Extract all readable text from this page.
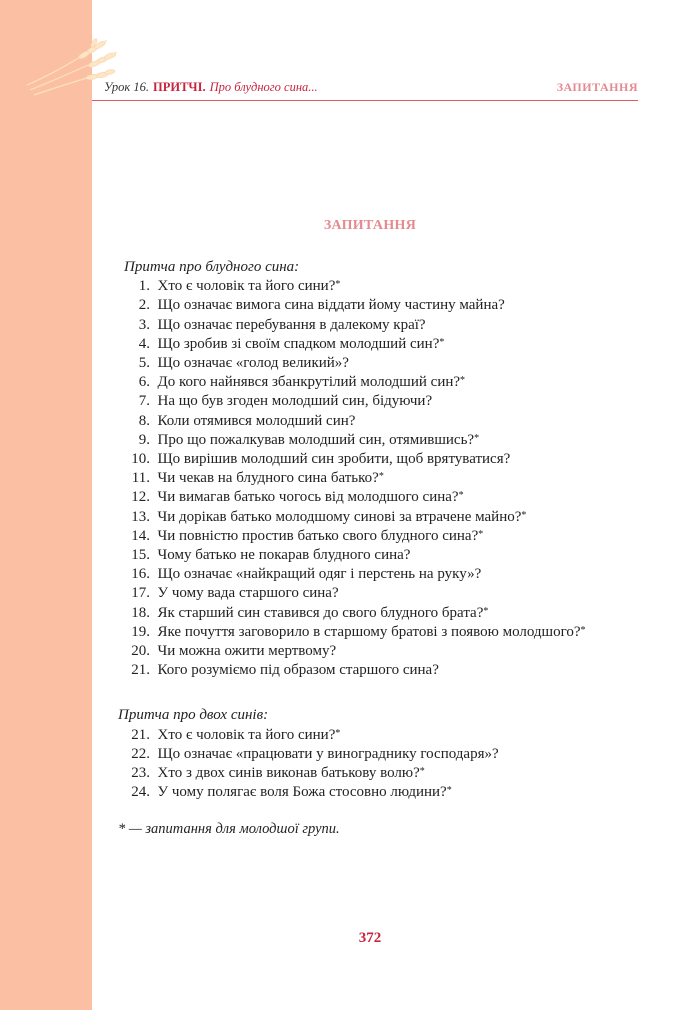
Урок 16. ПРИТЧІ. Про блудного сина...	ЗАПИТАННЯ
ЗАПИТАННЯ
Притча про блудного сина:
1.
Хто є чоловік та його сини?*
2.
Що означає вимога сина віддати йому частину майна?
3.
Що означає перебування в далекому краї?
4.
Що зробив зі своїм спадком молодший син?*
5.
Що означає «голод великий»?
6.
До кого найнявся збанкрутілий молодший син?*
7.
На що був згоден молодший син, бідуючи?
8.
Коли отямився молодший син?
9.
Про що пожалкував молодший син, отямившись?*
10.
Що вирішив молодший син зробити, щоб врятуватися?
11.
Чи чекав на блудного сина батько?*
12.
Чи вимагав батько чогось від молодшого сина?*
13.
Чи дорікав батько молодшому синові за втрачене майно?*
14.
Чи повністю простив батько свого блудного сина?*
15.
Чому батько не покарав блудного сина?
16.
Що означає «найкращий одяг і перстень на руку»?
17.
У чому вада старшого сина?
18.
Як старший син ставився до свого блудного брата?*
19.
Яке почуття заговорило в старшому братові з появою молодшого?*
20.
Чи можна ожити мертвому?
21.
Кого розуміємо під образом старшого сина?
Притча про двох синів:
21.
Хто є чоловік та його сини?*
22.
Що означає «працювати у винограднику господаря»?
23.
Хто з двох синів виконав батькову волю?*
24.
У чому полягає воля Божа стосовно людини?*
* — запитання для молодшої групи.
372
